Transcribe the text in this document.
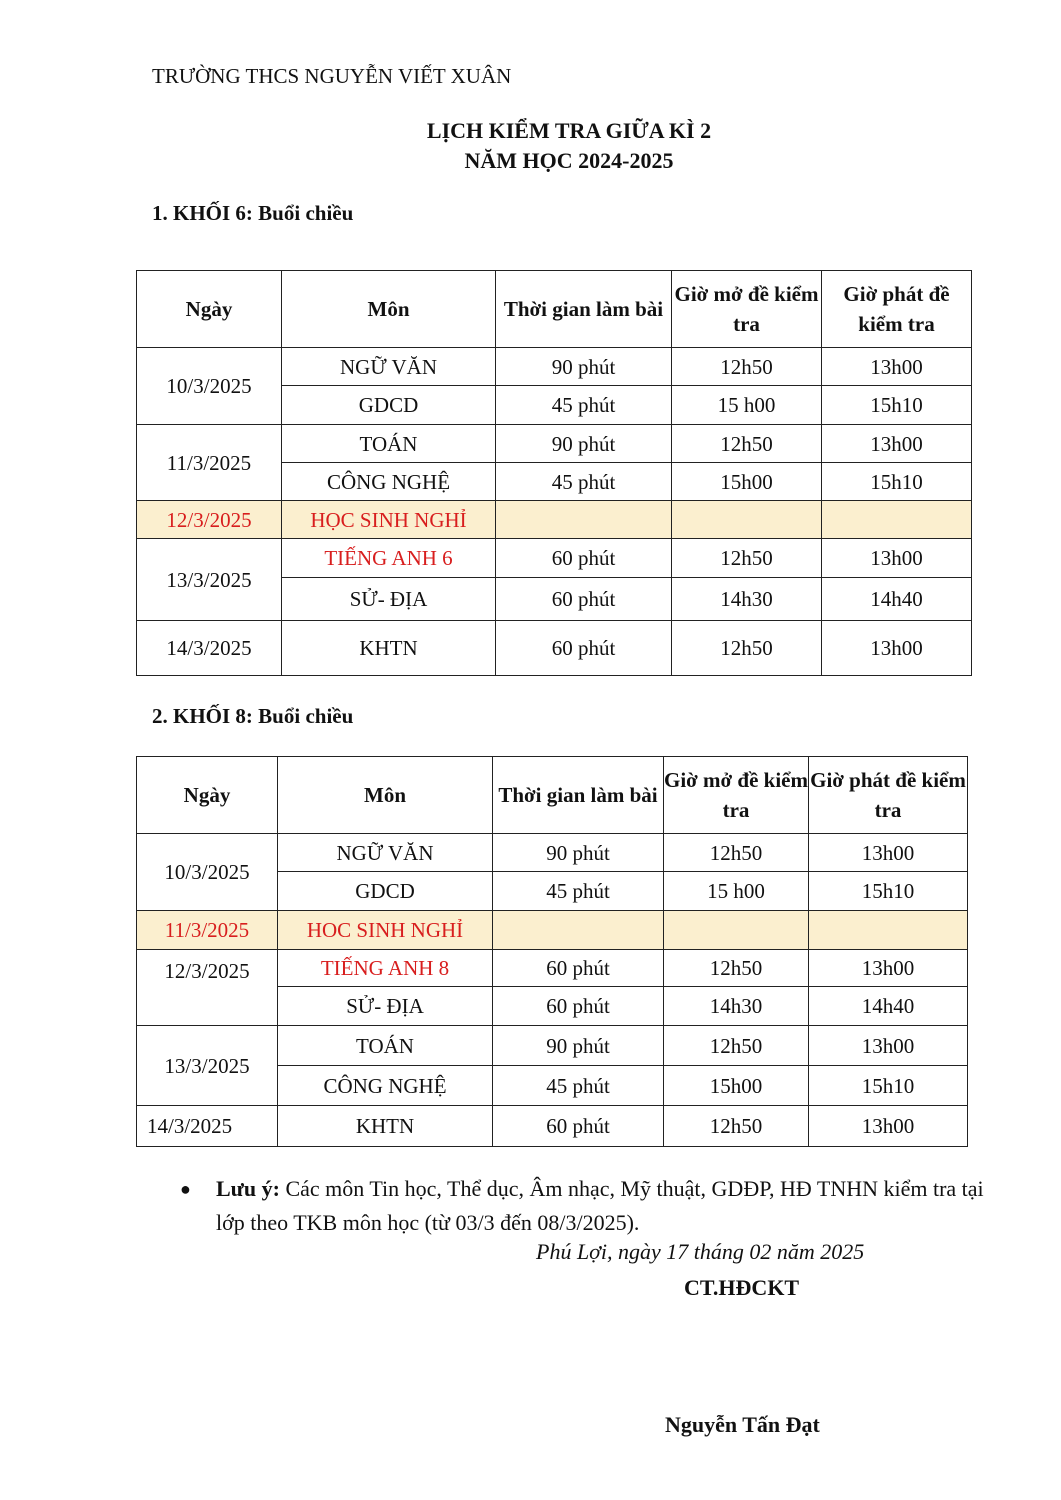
TRƯỜNG THCS NGUYỄN VIẾT XUÂN
LỊCH KIỂM TRA GIỮA KÌ 2
NĂM HỌC 2024-2025
1. KHỐI 6: Buổi chiều
Ngày	Môn	Thời gian làm bài	Giờ mở đề kiểm tra	Giờ phát đề kiểm tra
10/3/2025	NGỮ VĂN	90 phút	12h50	13h00
	GDCD	45 phút	15 h00	15h10
11/3/2025	TOÁN	90 phút	12h50	13h00
	CÔNG NGHỆ	45 phút	15h00	15h10
12/3/2025	HỌC SINH NGHỈ			
13/3/2025	TIẾNG ANH 6	60 phút	12h50	13h00
	SỬ- ĐỊA	60 phút	14h30	14h40
14/3/2025	KHTN	60 phút	12h50	13h00
2. KHỐI 8: Buổi chiều
Ngày	Môn	Thời gian làm bài	Giờ mở đề kiểm tra	Giờ phát đề kiểm tra
10/3/2025	NGỮ VĂN	90 phút	12h50	13h00
	GDCD	45 phút	15 h00	15h10
11/3/2025	HOC SINH NGHỈ			
12/3/2025	TIẾNG ANH 8	60 phút	12h50	13h00
	SỬ- ĐỊA	60 phút	14h30	14h40
13/3/2025	TOÁN	90 phút	12h50	13h00
	CÔNG NGHỆ	45 phút	15h00	15h10
14/3/2025	KHTN	60 phút	12h50	13h00
● Lưu ý: Các môn Tin học, Thể dục, Âm nhạc, Mỹ thuật, GDĐP, HĐ TNHN kiểm tra tại lớp theo TKB môn học (từ 03/3 đến 08/3/2025).
Phú Lợi, ngày 17 tháng 02 năm 2025
CT.HĐCKT
Nguyễn Tấn Đạt
